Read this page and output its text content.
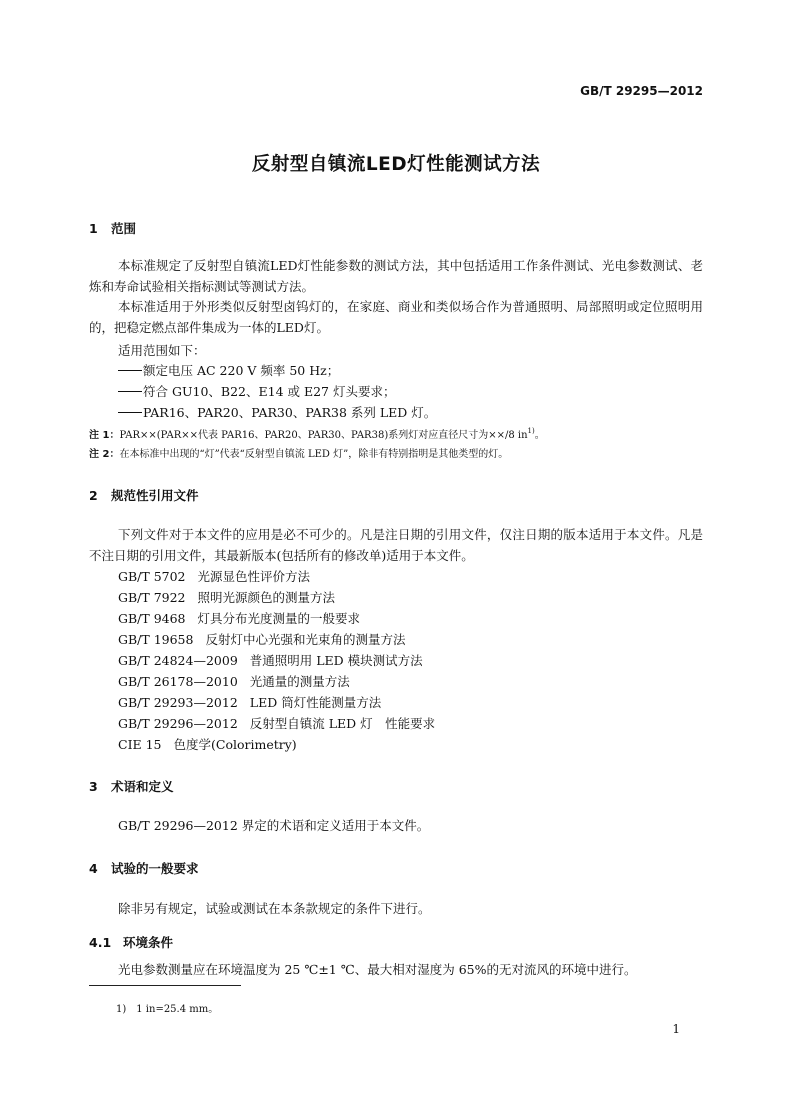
GB/T 29295—2012
反射型自镇流LED灯性能测试方法
1 范围
本标准规定了反射型自镇流LED灯性能参数的测试方法，其中包括适用工作条件测试、光电参数测试、老炼和寿命试验相关指标测试等测试方法。
本标准适用于外形类似反射型卤钨灯的，在家庭、商业和类似场合作为普通照明、局部照明或定位照明用的，把稳定燃点部件集成为一体的LED灯。
适用范围如下：
额定电压 AC 220 V 频率 50 Hz；
符合 GU10、B22、E14 或 E27 灯头要求；
PAR16、PAR20、PAR30、PAR38 系列 LED 灯。
注 1：PAR××(PAR××代表 PAR16、PAR20、PAR30、PAR38)系列灯对应直径尺寸为××/8 $in^{1)}$。
注 2：在本标准中出现的“灯”代表“反射型自镇流 LED 灯”，除非有特别指明是其他类型的灯。
2 规范性引用文件
下列文件对于本文件的应用是必不可少的。凡是注日期的引用文件，仅注日期的版本适用于本文件。凡是不注日期的引用文件，其最新版本(包括所有的修改单)适用于本文件。
GB/T 5702 光源显色性评价方法
GB/T 7922 照明光源颜色的测量方法
GB/T 9468 灯具分布光度测量的一般要求
GB/T 19658 反射灯中心光强和光束角的测量方法
GB/T 24824—2009 普通照明用 LED 模块测试方法
GB/T 26178—2010 光通量的测量方法
GB/T 29293—2012 LED 筒灯性能测量方法
GB/T 29296—2012 反射型自镇流 LED 灯　性能要求
CIE 15 色度学(Colorimetry)
3 术语和定义
GB/T 29296—2012 界定的术语和定义适用于本文件。
4 试验的一般要求
除非另有规定，试验或测试在本条款规定的条件下进行。
4.1 环境条件
光电参数测量应在环境温度为 25 ℃±1 ℃、最大相对湿度为 65%的无对流风的环境中进行。
1) 1 in=25.4 mm。
1
